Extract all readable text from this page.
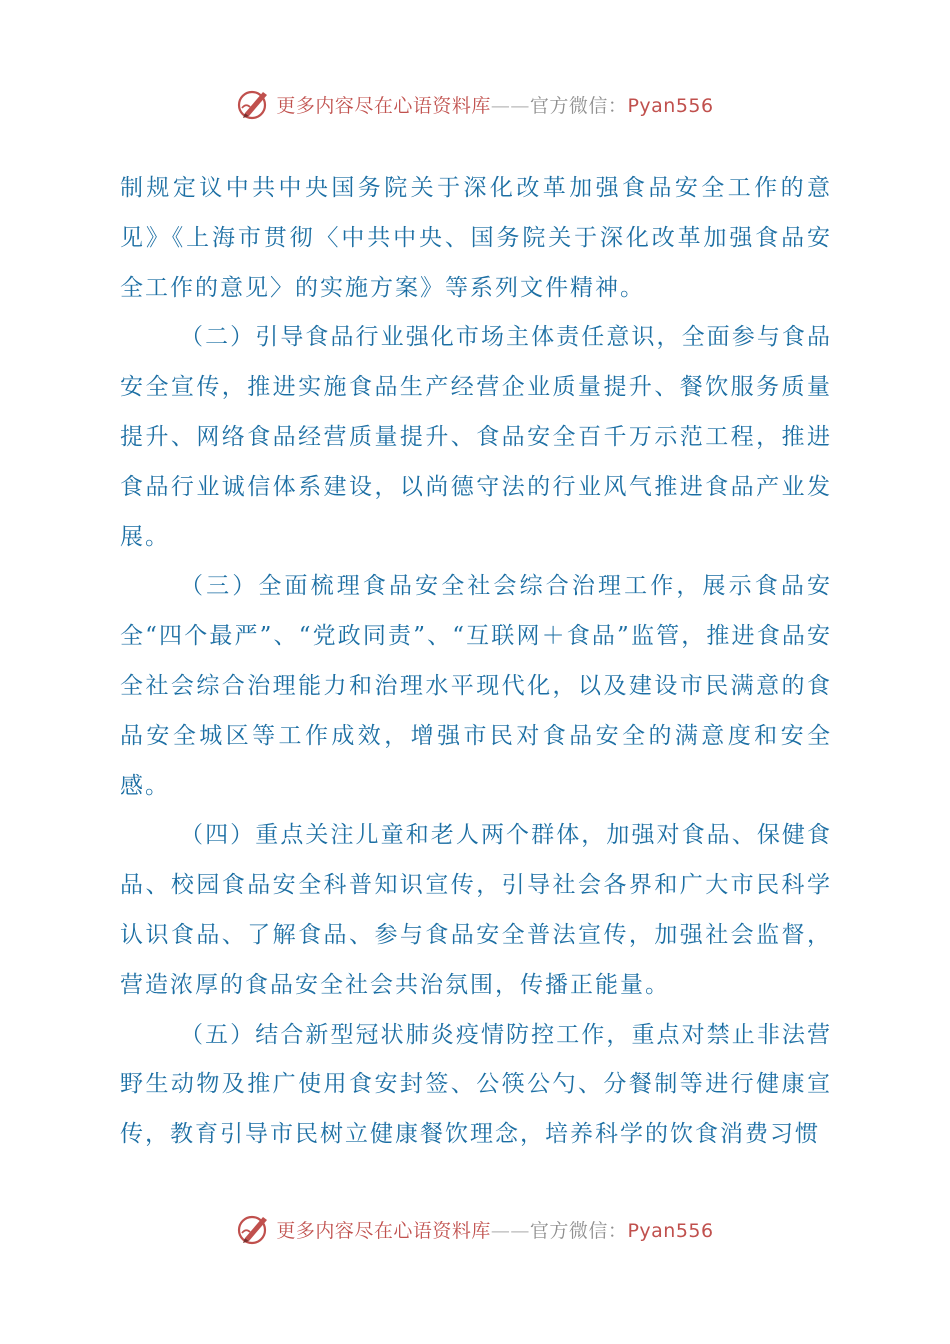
更多内容尽在心语资料库——官方微信：Pyan556

制规定议中共中央国务院关于深化改革加强食品安全工作的意见》《上海市贯彻〈中共中央、国务院关于深化改革加强食品安全工作的意见〉的实施方案》等系列文件精神。

（二）引导食品行业强化市场主体责任意识，全面参与食品安全宣传，推进实施食品生产经营企业质量提升、餐饮服务质量提升、网络食品经营质量提升、食品安全百千万示范工程，推进食品行业诚信体系建设，以尚德守法的行业风气推进食品产业发展。

（三）全面梳理食品安全社会综合治理工作，展示食品安全“四个最严”、“党政同责”、“互联网＋食品”监管，推进食品安全社会综合治理能力和治理水平现代化，以及建设市民满意的食品安全城区等工作成效，增强市民对食品安全的满意度和安全感。

（四）重点关注儿童和老人两个群体，加强对食品、保健食品、校园食品安全科普知识宣传，引导社会各界和广大市民科学认识食品、了解食品、参与食品安全普法宣传，加强社会监督，营造浓厚的食品安全社会共治氛围，传播正能量。

（五）结合新型冠状肺炎疫情防控工作，重点对禁止非法营野生动物及推广使用食安封签、公筷公勺、分餐制等进行健康宣传，教育引导市民树立健康餐饮理念，培养科学的饮食消费习惯

更多内容尽在心语资料库——官方微信：Pyan556
